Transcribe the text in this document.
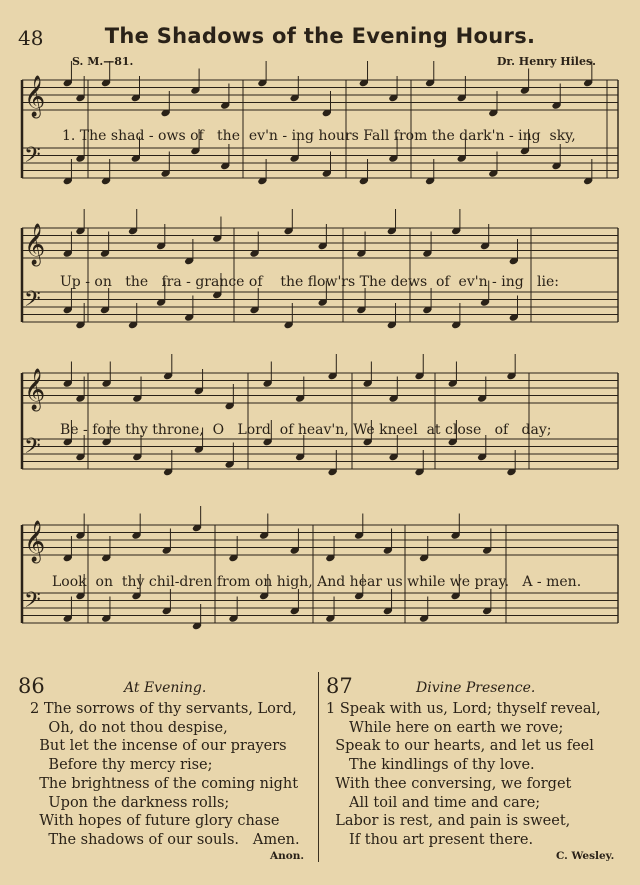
48	The Shadows of the Evening Hours.
S. M.—81.	Dr. Henry Hiles.
𝄞
𝄢
𝄞
𝄢
𝄞
𝄢
𝄞
𝄢
1. The shad - ows of   the  ev'n - ing hours Fall from the dark'n - ing  sky,
Up - on   the   fra - grance of    the flow'rs The dews  of  ev'n - ing   lie:
Be - fore thy throne,  O   Lord  of heav'n, We kneel  at close   of   day;
Look  on  thy chil-dren from on high, And hear us while we pray.   A - men.
86	At Evening.
2 The sorrows of thy servants, Lord,
Oh, do not thou despise,
But let the incense of our prayers
Before thy mercy rise;
The brightness of the coming night
Upon the darkness rolls;
With hopes of future glory chase
The shadows of our souls.   Amen.
Anon.
87	Divine Presence.
1 Speak with us, Lord; thyself reveal,
While here on earth we rove;
Speak to our hearts, and let us feel
The kindlings of thy love.
With thee conversing, we forget
All toil and time and care;
Labor is rest, and pain is sweet,
If thou art present there.
C. Wesley.
